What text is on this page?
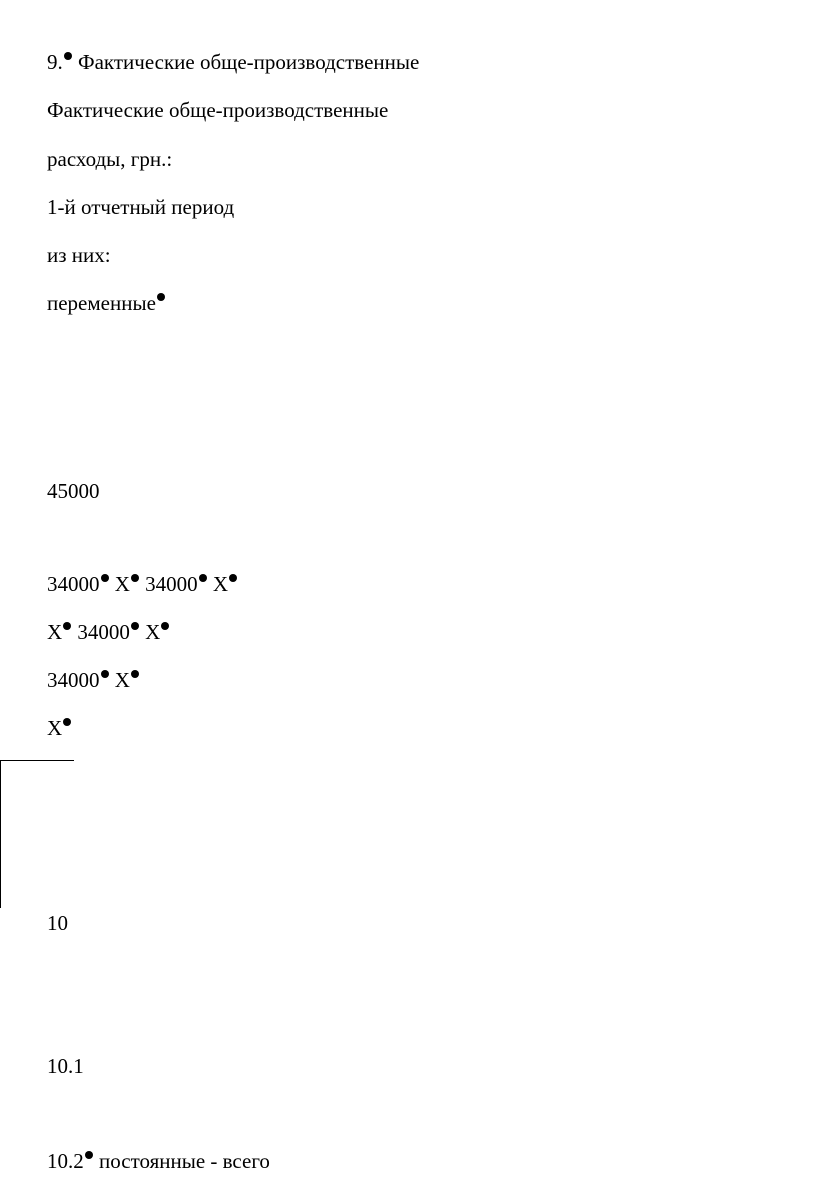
9. Фактические обще-производственные
Фактические обще-производственные
расходы, грн.:
1-й отчетный период
из них:
переменные
45000
34000 X 34000 X
X 34000 X
34000 X
X
10
10.1
10.2 постоянные - всего
